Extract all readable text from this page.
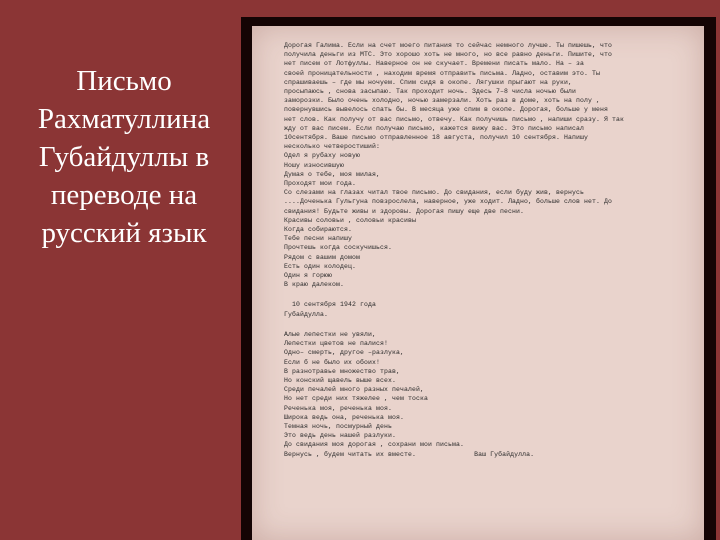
Письмо
Рахматуллина
Губайдуллы в
переводе на
русский язык
Дорогая Галима. Если на счет моего питания то сейчас немного лучше. Ты пишешь, что
получила деньги из МТС. Это хорошо хоть не много, но все равно деньги. Пишите, что
нет писем от Лотфуллы. Наверное он не скучает. Времени писать мало. На – за
своей проницательности , находим время отправить письма. Ладно, оставим это. Ты
спрашиваешь – где мы ночуем. Спим сидя в окопе. Лягушки прыгают на руки,
просыпаюсь , снова засыпаю. Так проходит ночь. Здесь 7–8 числа ночью были
заморозки. Было очень холодно, ночью замерзали. Хоть раз в доме, хоть на полу ,
повернувшись вывелось спать бы. В месяца уже спим в окопе. Дорогая, больше у меня
нет слов. Как получу от вас письмо, отвечу. Как получишь письмо , напиши сразу. Я так
жду от вас писем. Если получаю письмо, кажется вижу вас. Это письмо написал
10сентября. Ваше письмо отправленное 18 августа, получил 10 сентября. Напишу
несколько четверостиший:
Одел я рубаху новую
Ношу износившую
Думая о тебе, моя милая,
Проходят мои года.
Со слезами на глазах читал твое письмо. До свидания, если буду жив, вернусь
....Доченька Гульгуна повзрослела, наверное, уже ходит. Ладно, больше слов нет. До
свидания! Будьте живы и здоровы. Дорогая пишу еще две песни.
Красивы соловьи , соловьи красивы
Когда собираются.
Тебе песни напишу
Прочтешь когда соскучишься.
Рядом с вашим домом
Есть один колодец.
Один я горюю
В краю далеком.
10 сентября 1942 года
Губайдулла.
Алые лепестки не увяли,
Лепестки цветов не палися!
Одно– смерть, другое –разлука,
Если б не было их обоих!
В разнотравье множество трав,
Но конский щавель выше всех.
Среди печалей много разных печалей,
Но нет среди них тяжелее , чем тоска
Реченька моя, реченька моя.
Широка ведь она, реченька моя.
Темная ночь, посмурный день
Это ведь день нашей разлуки.
До свидания моя дорогая , сохрани мои письма.
Вернусь , будем читать их вместе.	Ваш Губайдулла.
